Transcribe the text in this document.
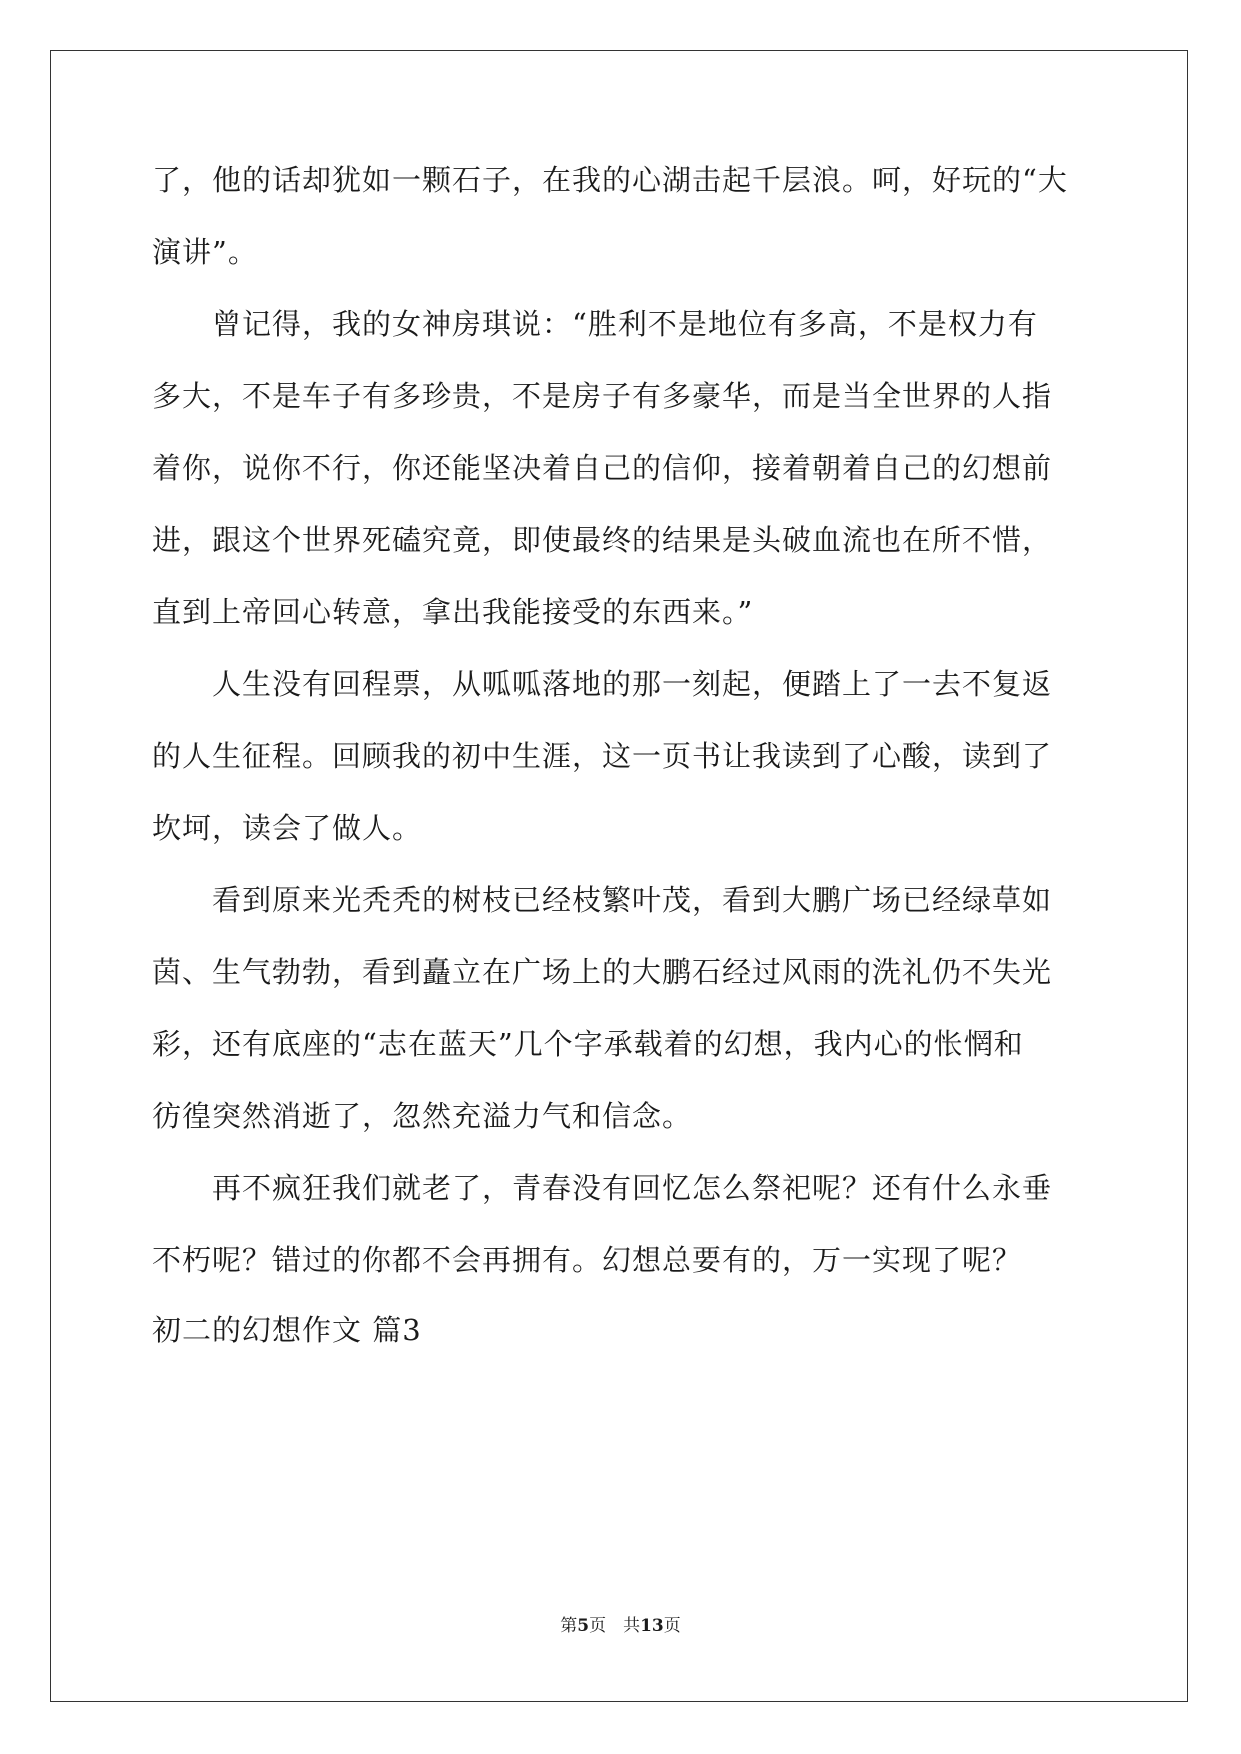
了，他的话却犹如一颗石子，在我的心湖击起千层浪。呵，好玩的“大
演讲”。
　　曾记得，我的女神房琪说：“胜利不是地位有多高，不是权力有
多大，不是车子有多珍贵，不是房子有多豪华，而是当全世界的人指
着你，说你不行，你还能坚决着自己的信仰，接着朝着自己的幻想前
进，跟这个世界死磕究竟，即使最终的结果是头破血流也在所不惜，
直到上帝回心转意，拿出我能接受的东西来。”
　　人生没有回程票，从呱呱落地的那一刻起，便踏上了一去不复返
的人生征程。回顾我的初中生涯，这一页书让我读到了心酸，读到了
坎坷，读会了做人。
　　看到原来光秃秃的树枝已经枝繁叶茂，看到大鹏广场已经绿草如
茵、生气勃勃，看到矗立在广场上的大鹏石经过风雨的洗礼仍不失光
彩，还有底座的“志在蓝天”几个字承载着的幻想，我内心的怅惘和
彷徨突然消逝了，忽然充溢力气和信念。
　　再不疯狂我们就老了，青春没有回忆怎么祭祀呢？还有什么永垂
不朽呢？错过的你都不会再拥有。幻想总要有的，万一实现了呢？
初二的幻想作文 篇3
第5页  共13页
